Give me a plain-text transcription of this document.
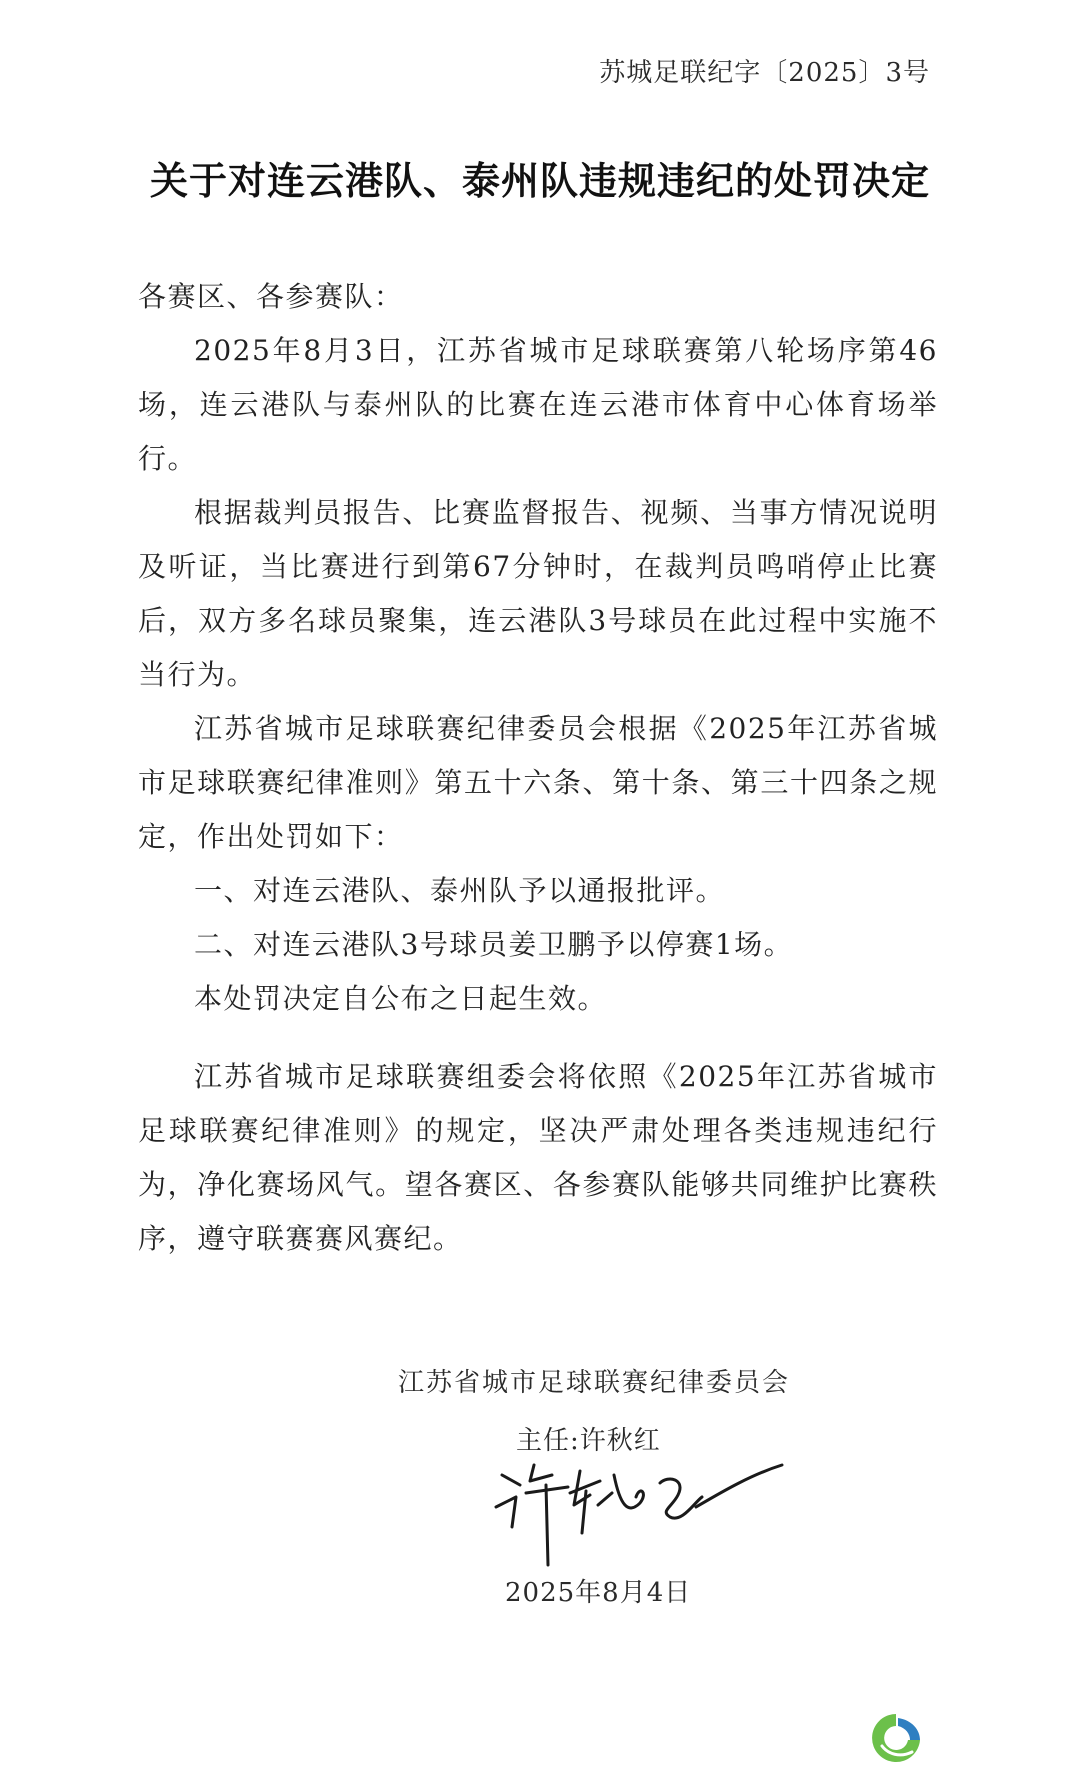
苏城足联纪字〔2025〕3号
关于对连云港队、泰州队违规违纪的处罚决定

各赛区、各参赛队：

2025年8月3日，江苏省城市足球联赛第八轮场序第46场，连云港队与泰州队的比赛在连云港市体育中心体育场举行。

根据裁判员报告、比赛监督报告、视频、当事方情况说明及听证，当比赛进行到第67分钟时，在裁判员鸣哨停止比赛后，双方多名球员聚集，连云港队3号球员在此过程中实施不当行为。

江苏省城市足球联赛纪律委员会根据《2025年江苏省城市足球联赛纪律准则》第五十六条、第十条、第三十四条之规定，作出处罚如下：

一、对连云港队、泰州队予以通报批评。

二、对连云港队3号球员姜卫鹏予以停赛1场。

本处罚决定自公布之日起生效。

江苏省城市足球联赛组委会将依照《2025年江苏省城市足球联赛纪律准则》的规定，坚决严肃处理各类违规违纪行为，净化赛场风气。望各赛区、各参赛队能够共同维护比赛秩序，遵守联赛赛风赛纪。

江苏省城市足球联赛纪律委员会
主任:许秋红
2025年8月4日
